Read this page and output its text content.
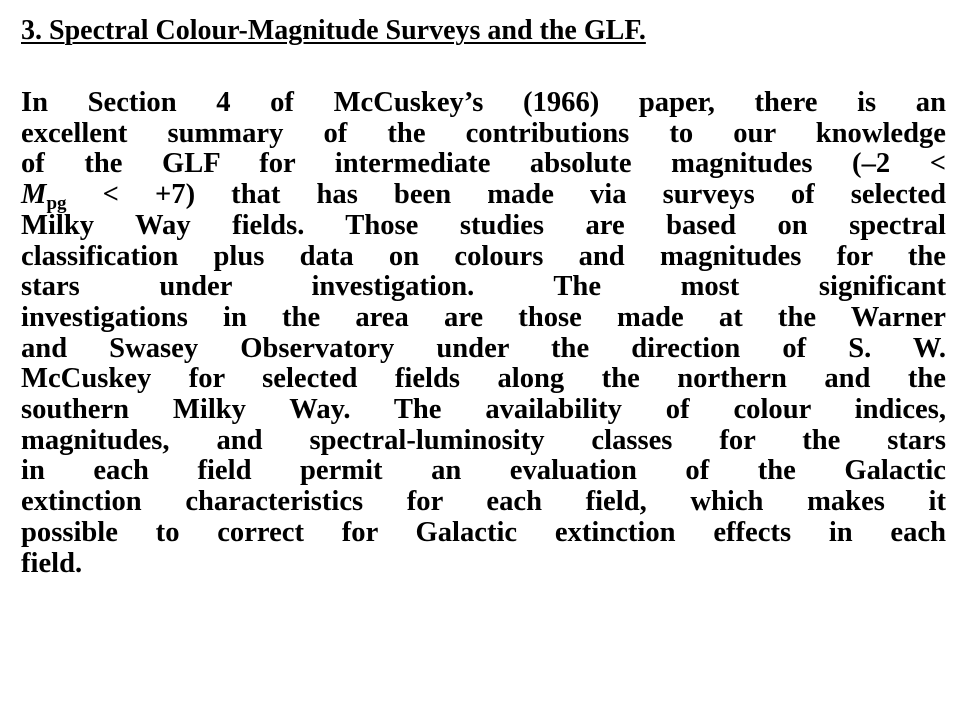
3. Spectral Colour-Magnitude Surveys and the GLF.
In Section 4 of McCuskey’s (1966) paper, there is an
excellent summary of the contributions to our knowledge
of the GLF for intermediate absolute magnitudes (–2 <
$M_{pg} < +7$) that has been made via surveys of selected
Milky Way fields. Those studies are based on spectral
classification plus data on colours and magnitudes for the
stars under investigation. The most significant
investigations in the area are those made at the Warner
and Swasey Observatory under the direction of S. W.
McCuskey for selected fields along the northern and the
southern Milky Way. The availability of colour indices,
magnitudes, and spectral-luminosity classes for the stars
in each field permit an evaluation of the Galactic
extinction characteristics for each field, which makes it
possible to correct for Galactic extinction effects in each
field.
